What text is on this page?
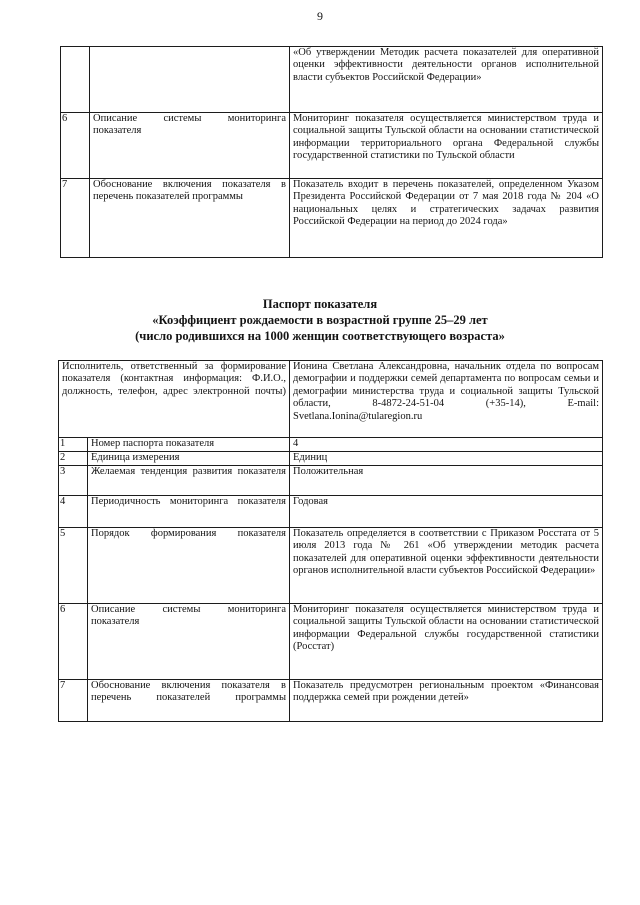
9
		«Об утверждении Методик расчета показателей для оперативной оценки эффективности деятельности органов исполнительной власти субъектов Российской Федерации»
6	Описание системы мониторинга показателя	Мониторинг показателя осуществляется министерством труда и социальной защиты Тульской области на основании статистической информации территориального органа Федеральной службы государственной статистики по Тульской области
7	Обоснование включения показателя в перечень показателей программы	Показатель входит в перечень показателей, определенном Указом Президента Российской Федерации от 7 мая 2018 года № 204 «О национальных целях и стратегических задачах развития Российской Федерации на период до 2024 года»
Паспорт показателя
«Коэффициент рождаемости в возрастной группе 25–29 лет
(число родившихся на 1000 женщин соответствующего возраста»
Исполнитель, ответственный за формирование показателя (контактная информация: Ф.И.О., должность, телефон, адрес электронной почты)		Ионина Светлана Александровна, начальник отдела по вопросам демографии и поддержки семей департамента по вопросам семьи и демографии министерства труда и социальной защиты Тульской области, 8-4872-24-51-04 (+35-14), E-mail: Svetlana.Ionina@tularegion.ru
1	Номер паспорта показателя	4
2	Единица измерения	Единиц
3	Желаемая тенденция развития показателя	Положительная
4	Периодичность мониторинга показателя	Годовая
5	Порядок формирования показателя	Показатель определяется в соответствии с Приказом Росстата от 5 июля 2013 года № 261 «Об утверждении методик расчета показателей для оперативной оценки эффективности деятельности органов исполнительной власти субъектов Российской Федерации»
6	Описание системы мониторинга показателя	Мониторинг показателя осуществляется министерством труда и социальной защиты Тульской области на основании статистической информации Федеральной службы государственной статистики (Росстат)
7	Обоснование включения показателя в перечень показателей программы	Показатель предусмотрен региональным проектом «Финансовая поддержка семей при рождении детей»
